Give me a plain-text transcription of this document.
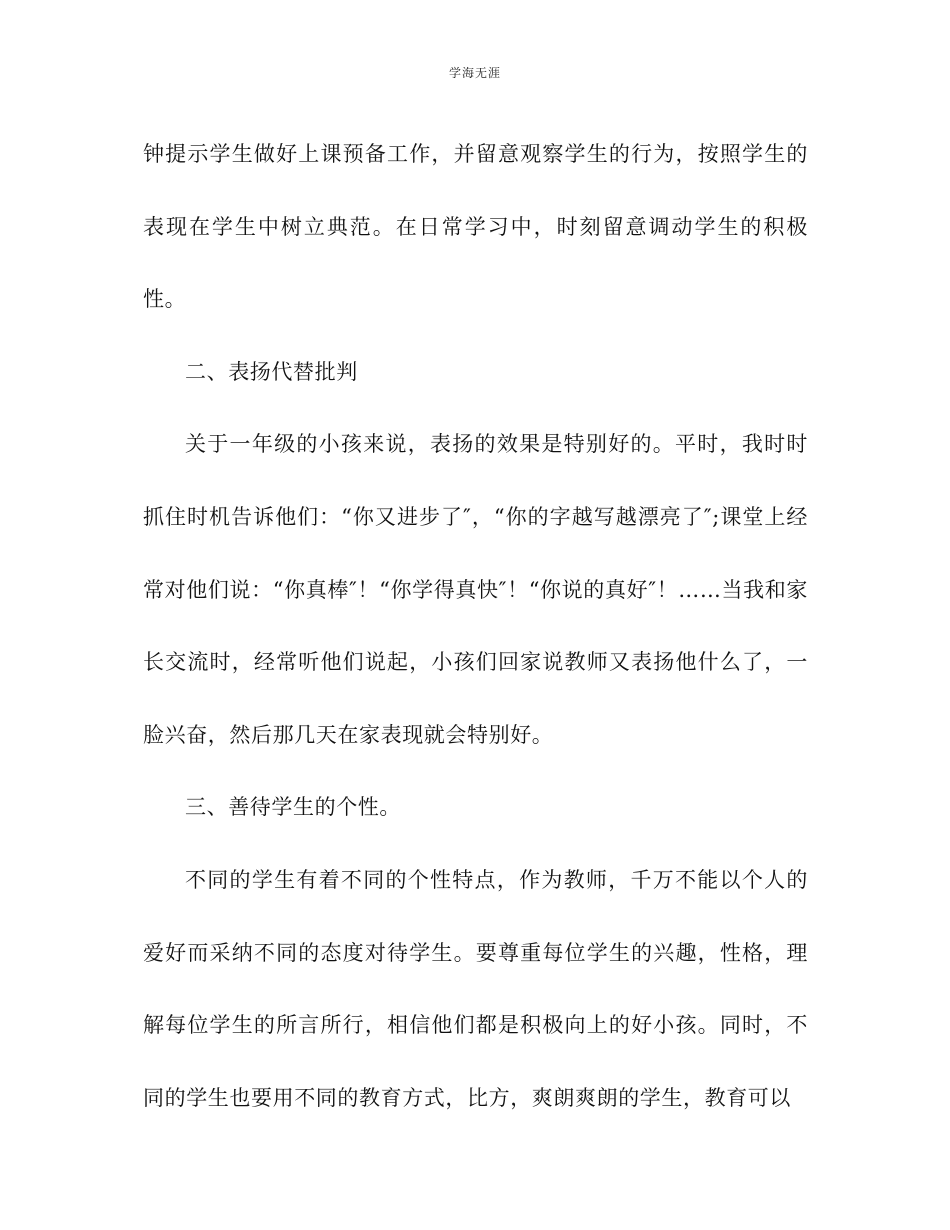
学海无涯

钟提示学生做好上课预备工作，并留意观察学生的行为，按照学生的表现在学生中树立典范。在日常学习中，时刻留意调动学生的积极性。

二、表扬代替批判

关于一年级的小孩来说，表扬的效果是特别好的。平时，我时时抓住时机告诉他们：“你又进步了″，“你的字越写越漂亮了″;课堂上经常对他们说：“你真棒″！“你学得真快″！“你说的真好″！……当我和家长交流时，经常听他们说起，小孩们回家说教师又表扬他什么了，一脸兴奋，然后那几天在家表现就会特别好。

三、善待学生的个性。

不同的学生有着不同的个性特点，作为教师，千万不能以个人的爱好而采纳不同的态度对待学生。要尊重每位学生的兴趣，性格，理解每位学生的所言所行，相信他们都是积极向上的好小孩。同时，不同的学生也要用不同的教育方式，比方，爽朗爽朗的学生，教育可以
